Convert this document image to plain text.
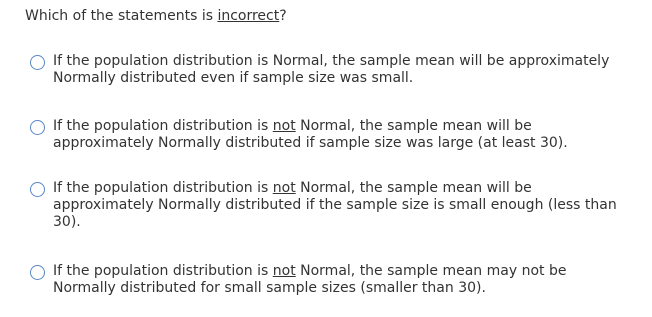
Which of the statements is incorrect?
If the population distribution is Normal, the sample mean will be approximately Normally distributed even if sample size was small.
If the population distribution is not Normal, the sample mean will be approximately Normally distributed if sample size was large (at least 30).
If the population distribution is not Normal, the sample mean will be approximately Normally distributed if the sample size is small enough (less than 30).
If the population distribution is not Normal, the sample mean may not be Normally distributed for small sample sizes (smaller than 30).
